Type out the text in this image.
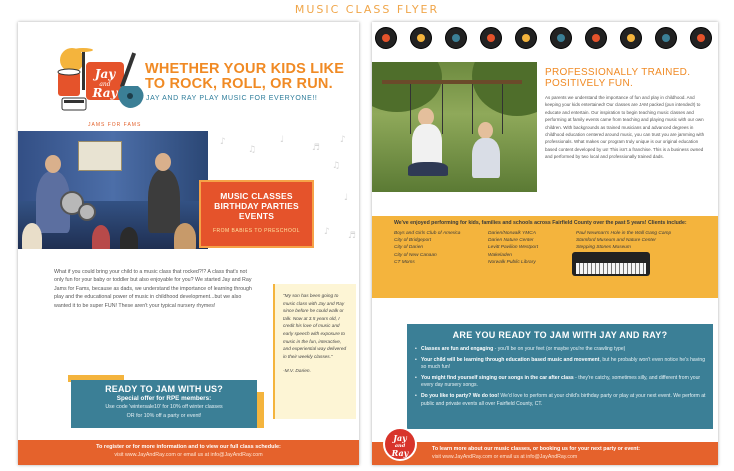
MUSIC CLASS FLYER
Jay
and
Ray
JAMS FOR FAMS
WHETHER YOUR KIDS LIKE TO ROCK, ROLL, OR RUN.
JAY AND RAY PLAY MUSIC FOR EVERYONE!!
♪
♫
♩
♬
♪
♫
♩
♪ ♬
MUSIC CLASSES
BIRTHDAY PARTIES
EVENTS
FROM BABIES TO PRESCHOOL
What if you could bring your child to a music class that rocked?!? A class that's not only fun for your baby or toddler but also enjoyable for you? We started Jay and Ray Jams for Fams, because as dads, we understand the importance of learning through play and the educational power of music in childhood development...but we also wanted it to be super FUN! These aren't your typical nursery rhymes!
"My son has been going to music class with Jay and Ray since before he could walk or talk. Now at 3.5 years old, I credit his love of music and early speech with exposure to music in the fun, interactive, and experiential way delivered in their weekly classes."
-M.V. Darien.
READY TO JAM WITH US?
Special offer for RPE members:
Use code 'wintersale10' for 10% off winter classes
OR for 10% off a party or event!
To register or for more information and to view our full class schedule:
visit www.JayAndRay.com or email us at info@JayAndRay.com
PROFESSIONALLY TRAINED.
POSITIVELY FUN.
As parents we understand the importance of fun and play in childhood. And keeping your kids entertained! Our classes are JAM packed (pun intended!) to educate and entertain. Our inspiration to begin teaching music classes and performing at family events came from teaching and playing music with our own children. With backgrounds as trained musicians and advanced degrees in childhood education centered around music, you can trust you are jamming with professionals. What makes our program truly unique is our original education based content developed by us! This isn't a franchise. This is a business owned and performed by two local and professionally trained dads.
We've enjoyed performing for kids, families and schools across Fairfield County over the past 5 years! Clients include:
Boys and Girls Club of America
City of Bridgeport
City of Darien
City of New Canaan
CT Moms
Darien/Norwalk YMCA
Darien Nature Center
Levitt Pavilion Westport
Wakeladen
Norwalk Public Library
Paul Newman's Hole in the Wall Gang Camp
Stamford Museum and Nature Center
Stepping Stones Museum
ARE YOU READY TO JAM WITH JAY AND RAY?
• Classes are fun and engaging - you'll be on your feet (or maybe you're the crawling type)
• Your child will be learning through education based music and movement, but he probably won't even notice he's having so much fun!
• You might find yourself singing our songs in the car after class - they're catchy, sometimes silly, and different from your every day nursery songs.
• Do you like to party? We do too! We'd love to perform at your child's birthday party or play at your next event. We perform at public and private events all over Fairfield County, CT.
To learn more about our music classes, or booking us for your next party or event:
visit www.JayAndRay.com or email us at info@JayAndRay.com
Jay
and
Ray
